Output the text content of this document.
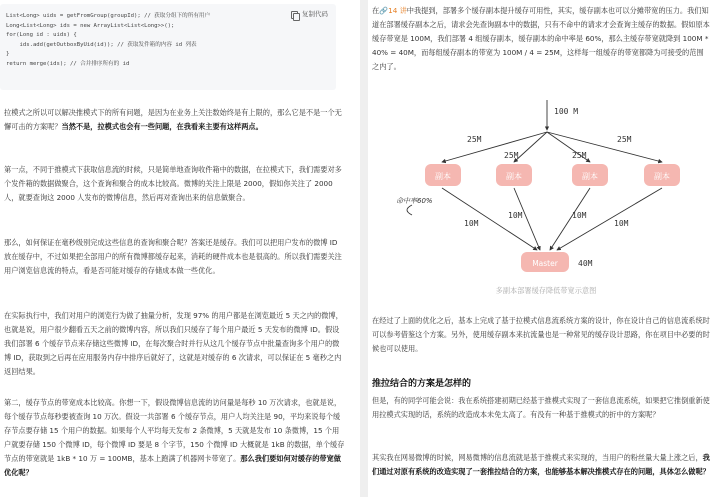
复制代码
List<Long> uids = getFromGroup(groupId); // 获取分组下的所有用户
Long<List<Long> ids = new ArrayList<List<Long>>();
for(Long id : uids) {
ids.add(getOutboxByUid(id)); // 获取发件箱的内容 id 列表
}
return merge(ids); // 合并排序所有的 id
拉模式之所以可以解决推模式下的所有问题，是因为在业务上关注数始终是有上限的，那么它是不是一个无懈可击的方案呢？当然不是，拉模式也会有一些问题，在我看来主要有这样两点。
第一点，不同于推模式下获取信息流的时候，只是简单地查询收件箱中的数据，在拉模式下，我们需要对多个发件箱的数据做聚合，这个查询和聚合的成本比较高。微博的关注上限是 2000，假如你关注了 2000 人，就要查询这 2000 人发布的微博信息，然后再对查询出来的信息做聚合。
那么，如何保证在毫秒级别完成这些信息的查询和聚合呢？答案还是缓存。我们可以把用户发布的微博 ID 放在缓存中，不过如果把全部用户的所有微博都缓存起来，消耗的硬件成本也是很高的。所以我们需要关注用户浏览信息流的特点，看是否可能对缓存的存储成本做一些优化。
在实际执行中，我们对用户的浏览行为做了抽量分析，发现 97% 的用户都是在浏览最近 5 天之内的微博，也就是说，用户很少翻看五天之前的微博内容，所以我们只缓存了每个用户最近 5 天发布的微博 ID。假设我们部署 6 个缓存节点来存储这些微博 ID，在每次聚合时并行从这几个缓存节点中批量查询多个用户的微博 ID，获取到之后再在应用服务内存中排序后就好了，这就是对缓存的 6 次请求，可以保证在 5 毫秒之内返回结果。
第二，缓存节点的带宽成本比较高。你想一下，假设微博信息流的访问量是每秒 10 万次请求，也就是说，每个缓存节点每秒要被查询 10 万次。假设一共部署 6 个缓存节点，用户人均关注是 90，平均来说每个缓存节点要存储 15 个用户的数据。如果每个人平均每天发布 2 条微博，5 天就是发布 10 条微博，15 个用户就要存储 150 个微博 ID，每个微博 ID 要是 8 个字节，150 个微博 ID 大概就是 1kB 的数据，单个缓存节点的带宽就是 1kB * 10 万 = 100MB，基本上跑满了机器网卡带宽了。那么我们要如何对缓存的带宽做优化呢？
在🔗14 讲中我提到，部署多个缓存副本提升缓存可用性，其实，缓存副本也可以分摊带宽的压力。我们知道在部署缓存副本之后，请求会先查询副本中的数据，只有不命中的请求才会查询主缓存的数据。假如原本缓存带宽是 100M，我们部署 4 组缓存副本，缓存副本的命中率是 60%，那么主缓存带宽就降到 100M * 40% = 40M，而每组缓存副本的带宽为 100M / 4 = 25M，这样每一组缓存的带宽都降为可接受的范围之内了。
100 M
25M
25M	25M
25M
副本	副本	副本	副本
命中率60%
10M
10M	10M
10M
Master	40M
多副本部署缓存降低带宽示意图
在经过了上面的优化之后，基本上完成了基于拉模式信息流系统方案的设计，你在设计自己的信息流系统时可以参考借鉴这个方案。另外，使用缓存副本来抗流量也是一种常见的缓存设计思路，你在项目中必要的时候也可以使用。
推拉结合的方案是怎样的
但是，有的同学可能会说：我在系统搭建初期已经基于推模式实现了一套信息流系统，如果把它推倒重新使用拉模式实现的话，系统的改造成本未免太高了。有没有一种基于推模式的折中的方案呢？
其实我在网易微博的时候，网易微博的信息流就是基于推模式来实现的，当用户的粉丝量大量上涨之后，我们通过对原有系统的改造实现了一套推拉结合的方案，也能够基本解决推模式存在的问题，具体怎么做呢？
